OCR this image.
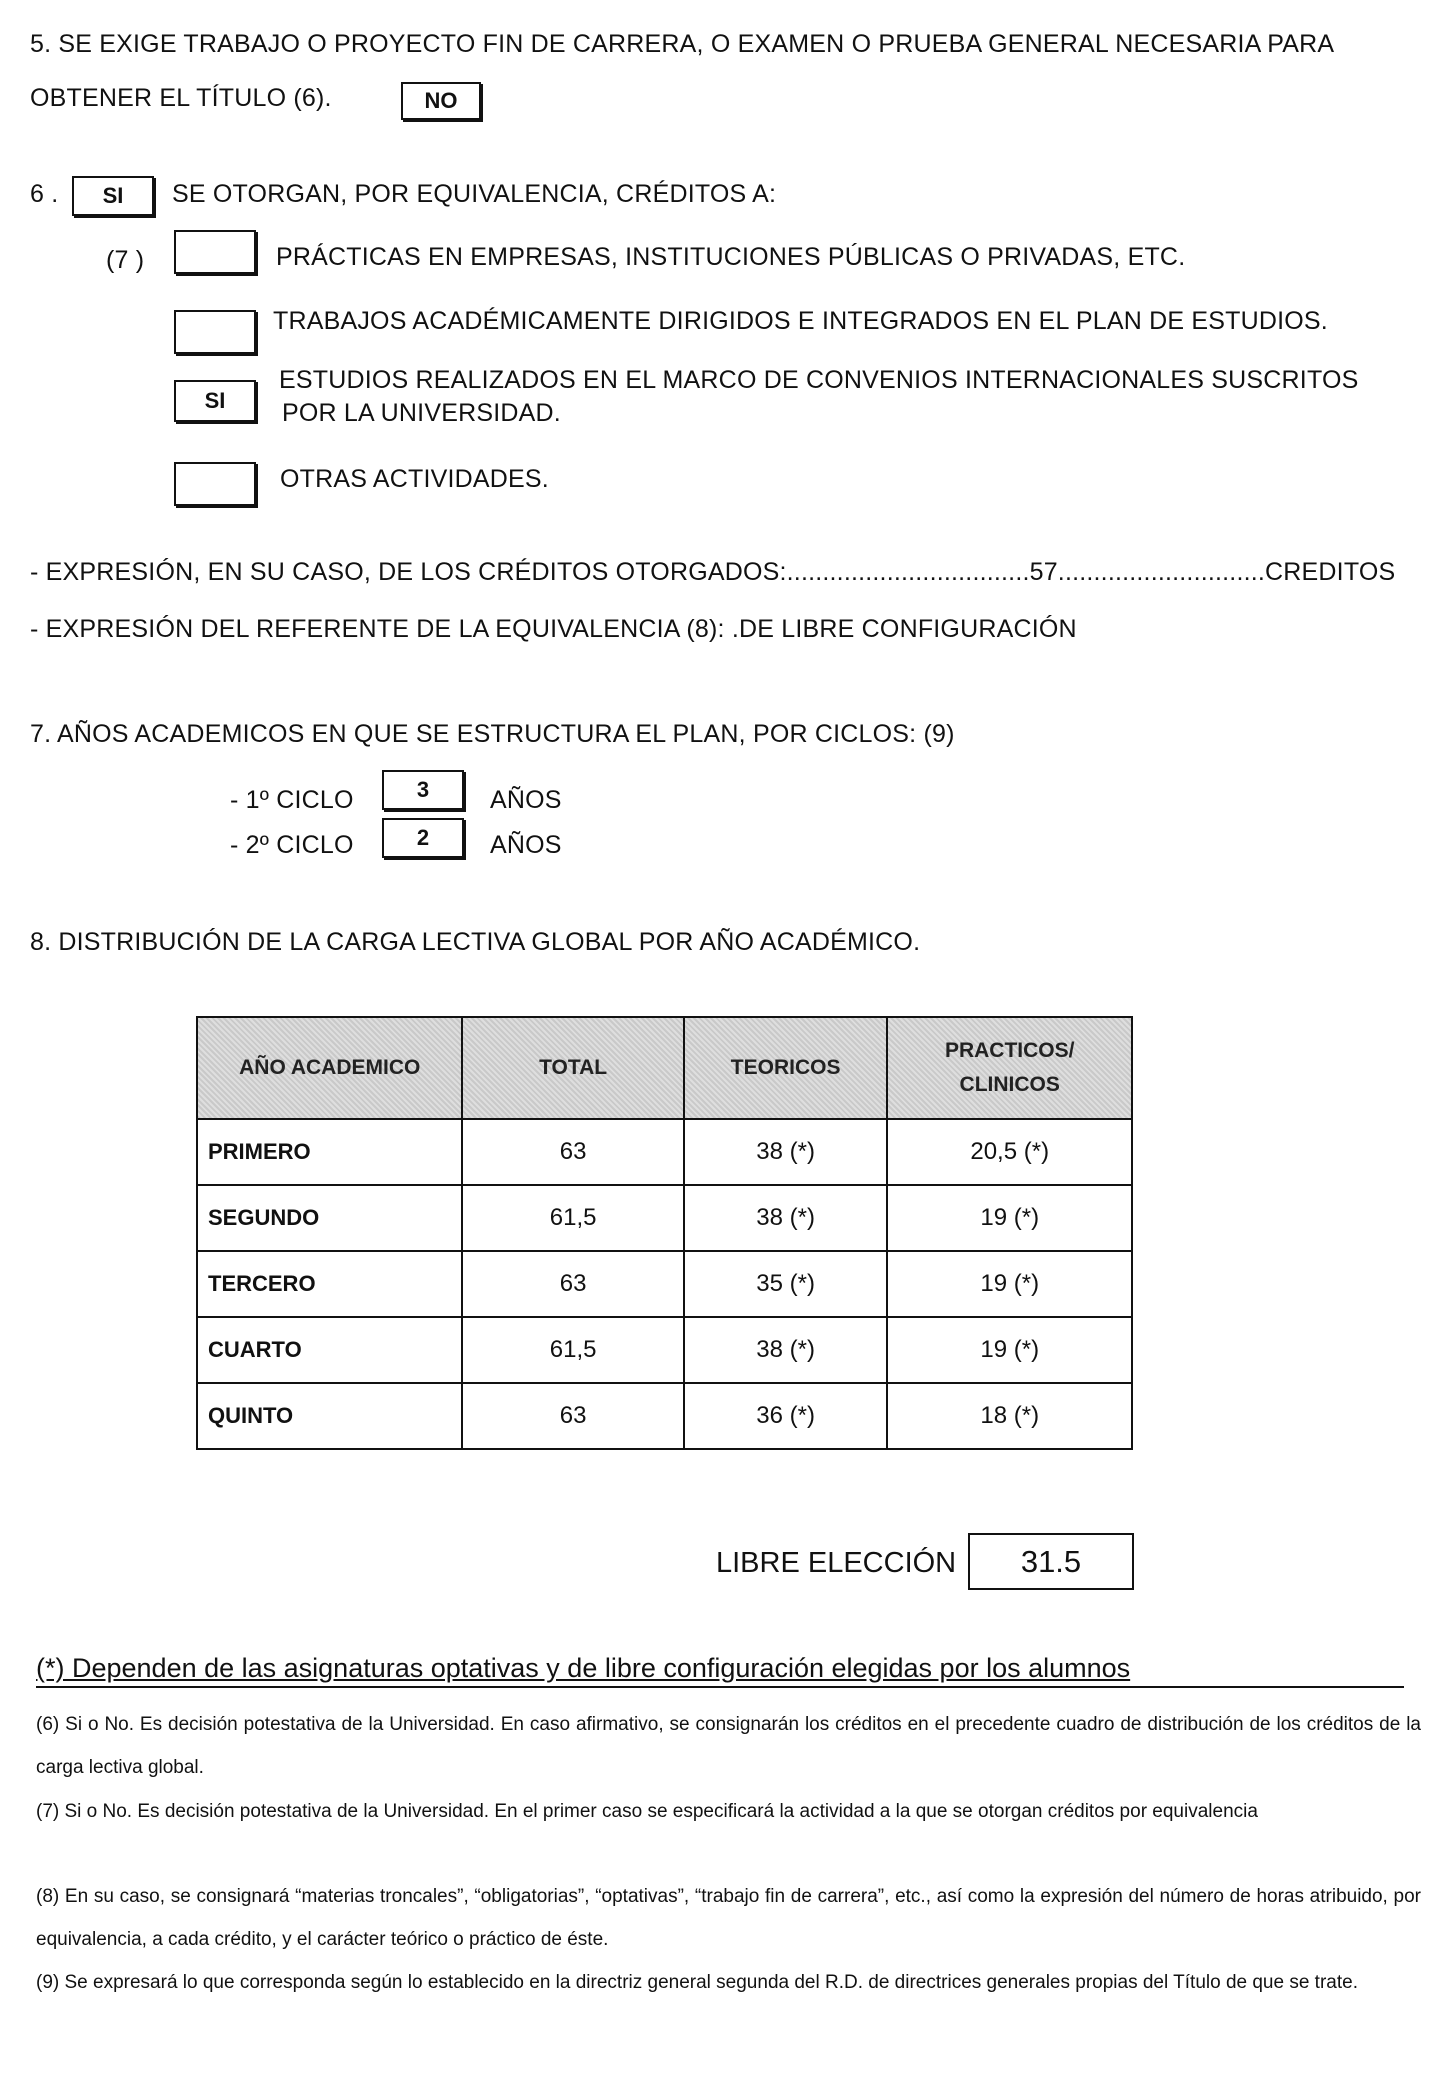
5. SE EXIGE TRABAJO O PROYECTO FIN DE CARRERA, O EXAMEN O PRUEBA GENERAL NECESARIA PARA
OBTENER EL TÍTULO (6).	NO
6 .	SI	SE OTORGAN, POR EQUIVALENCIA, CRÉDITOS A:
(7 )	PRÁCTICAS EN EMPRESAS, INSTITUCIONES PÚBLICAS O PRIVADAS, ETC.
TRABAJOS ACADÉMICAMENTE DIRIGIDOS E INTEGRADOS EN EL PLAN DE ESTUDIOS.
SI
ESTUDIOS REALIZADOS EN EL MARCO DE CONVENIOS INTERNACIONALES SUSCRITOS
POR LA UNIVERSIDAD.
OTRAS ACTIVIDADES.
- EXPRESIÓN, EN SU CASO, DE LOS CRÉDITOS OTORGADOS:..................................57.............................CREDITOS
- EXPRESIÓN DEL REFERENTE DE LA EQUIVALENCIA (8): .DE LIBRE CONFIGURACIÓN
7. AÑOS ACADEMICOS EN QUE SE ESTRUCTURA EL PLAN, POR CICLOS: (9)
- 1º CICLO	3	AÑOS
- 2º CICLO	2	AÑOS
8. DISTRIBUCIÓN DE LA CARGA LECTIVA GLOBAL POR AÑO ACADÉMICO.
AÑO ACADEMICO	TOTAL	TEORICOS	PRACTICOS/
CLINICOS

PRIMERO	63	38 (*)	20,5 (*)
SEGUNDO	61,5	38 (*)	19 (*)
TERCERO	63	35 (*)	19 (*)
CUARTO	61,5	38 (*)	19 (*)
QUINTO	63	36 (*)	18 (*)
LIBRE ELECCIÓN	31.5
(*) Dependen de las asignaturas optativas y de libre configuración elegidas por los alumnos
(6) Si o No. Es decisión potestativa de la Universidad. En caso afirmativo, se consignarán los créditos en el precedente cuadro de distribución de los créditos de la carga lectiva global.
(7) Si o No. Es decisión potestativa de la Universidad. En el primer caso se especificará la actividad a la que se otorgan créditos por equivalencia
(8) En su caso, se consignará “materias troncales”, “obligatorias”, “optativas”, “trabajo fin de carrera”, etc., así como la expresión del número de horas atribuido, por equivalencia, a cada crédito, y el carácter teórico o práctico de éste.
(9) Se expresará lo que corresponda según lo establecido en la directriz general segunda del R.D. de directrices generales propias del Título de que se trate.
